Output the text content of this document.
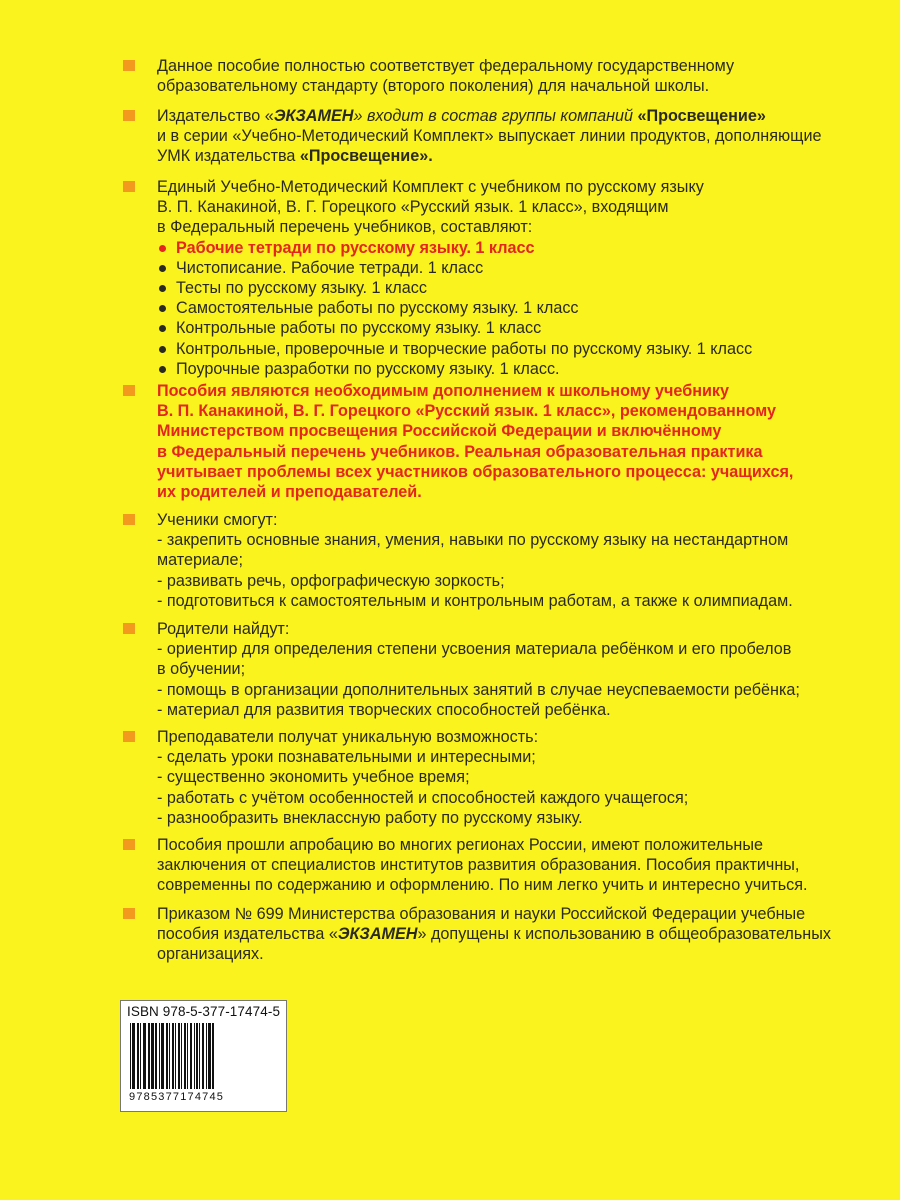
Данное пособие полностью соответствует федеральному государственному
образовательному стандарту (второго поколения) для начальной школы.
Издательство «ЭКЗАМЕН» входит в состав группы компаний «Просвещение»
и в серии «Учебно-Методический Комплект» выпускает линии продуктов, дополняющие
УМК издательства «Просвещение».
Единый Учебно-Методический Комплект с учебником по русскому языку
В. П. Канакиной, В. Г. Горецкого «Русский язык. 1 класс», входящим
в Федеральный перечень учебников, составляют:
Рабочие тетради по русскому языку. 1 класс
Чистописание. Рабочие тетради. 1 класс
Тесты по русскому языку. 1 класс
Самостоятельные работы по русскому языку. 1 класс
Контрольные работы по русскому языку. 1 класс
Контрольные, проверочные и творческие работы по русскому языку. 1 класс
Поурочные разработки по русскому языку. 1 класс.
Пособия являются необходимым дополнением к школьному учебнику
В. П. Канакиной, В. Г. Горецкого «Русский язык. 1 класс», рекомендованному
Министерством просвещения Российской Федерации и включённому
в Федеральный перечень учебников. Реальная образовательная практика
учитывает проблемы всех участников образовательного процесса: учащихся,
их родителей и преподавателей.
Ученики смогут:
- закрепить основные знания, умения, навыки по русскому языку на нестандартном
материале;
- развивать речь, орфографическую зоркость;
- подготовиться к самостоятельным и контрольным работам, а также к олимпиадам.
Родители найдут:
- ориентир для определения степени усвоения материала ребёнком и его пробелов
в обучении;
- помощь в организации дополнительных занятий в случае неуспеваемости ребёнка;
- материал для развития творческих способностей ребёнка.
Преподаватели получат уникальную возможность:
- сделать уроки познавательными и интересными;
- существенно экономить учебное время;
- работать с учётом особенностей и способностей каждого учащегося;
- разнообразить внеклассную работу по русскому языку.
Пособия прошли апробацию во многих регионах России, имеют положительные
заключения от специалистов институтов развития образования. Пособия практичны,
современны по содержанию и оформлению. По ним легко учить и интересно учиться.
Приказом № 699 Министерства образования и науки Российской Федерации учебные
пособия издательства «ЭКЗАМЕН» допущены к использованию в общеобразовательных
организациях.
ISBN 978-5-377-17474-5
9785377174745
